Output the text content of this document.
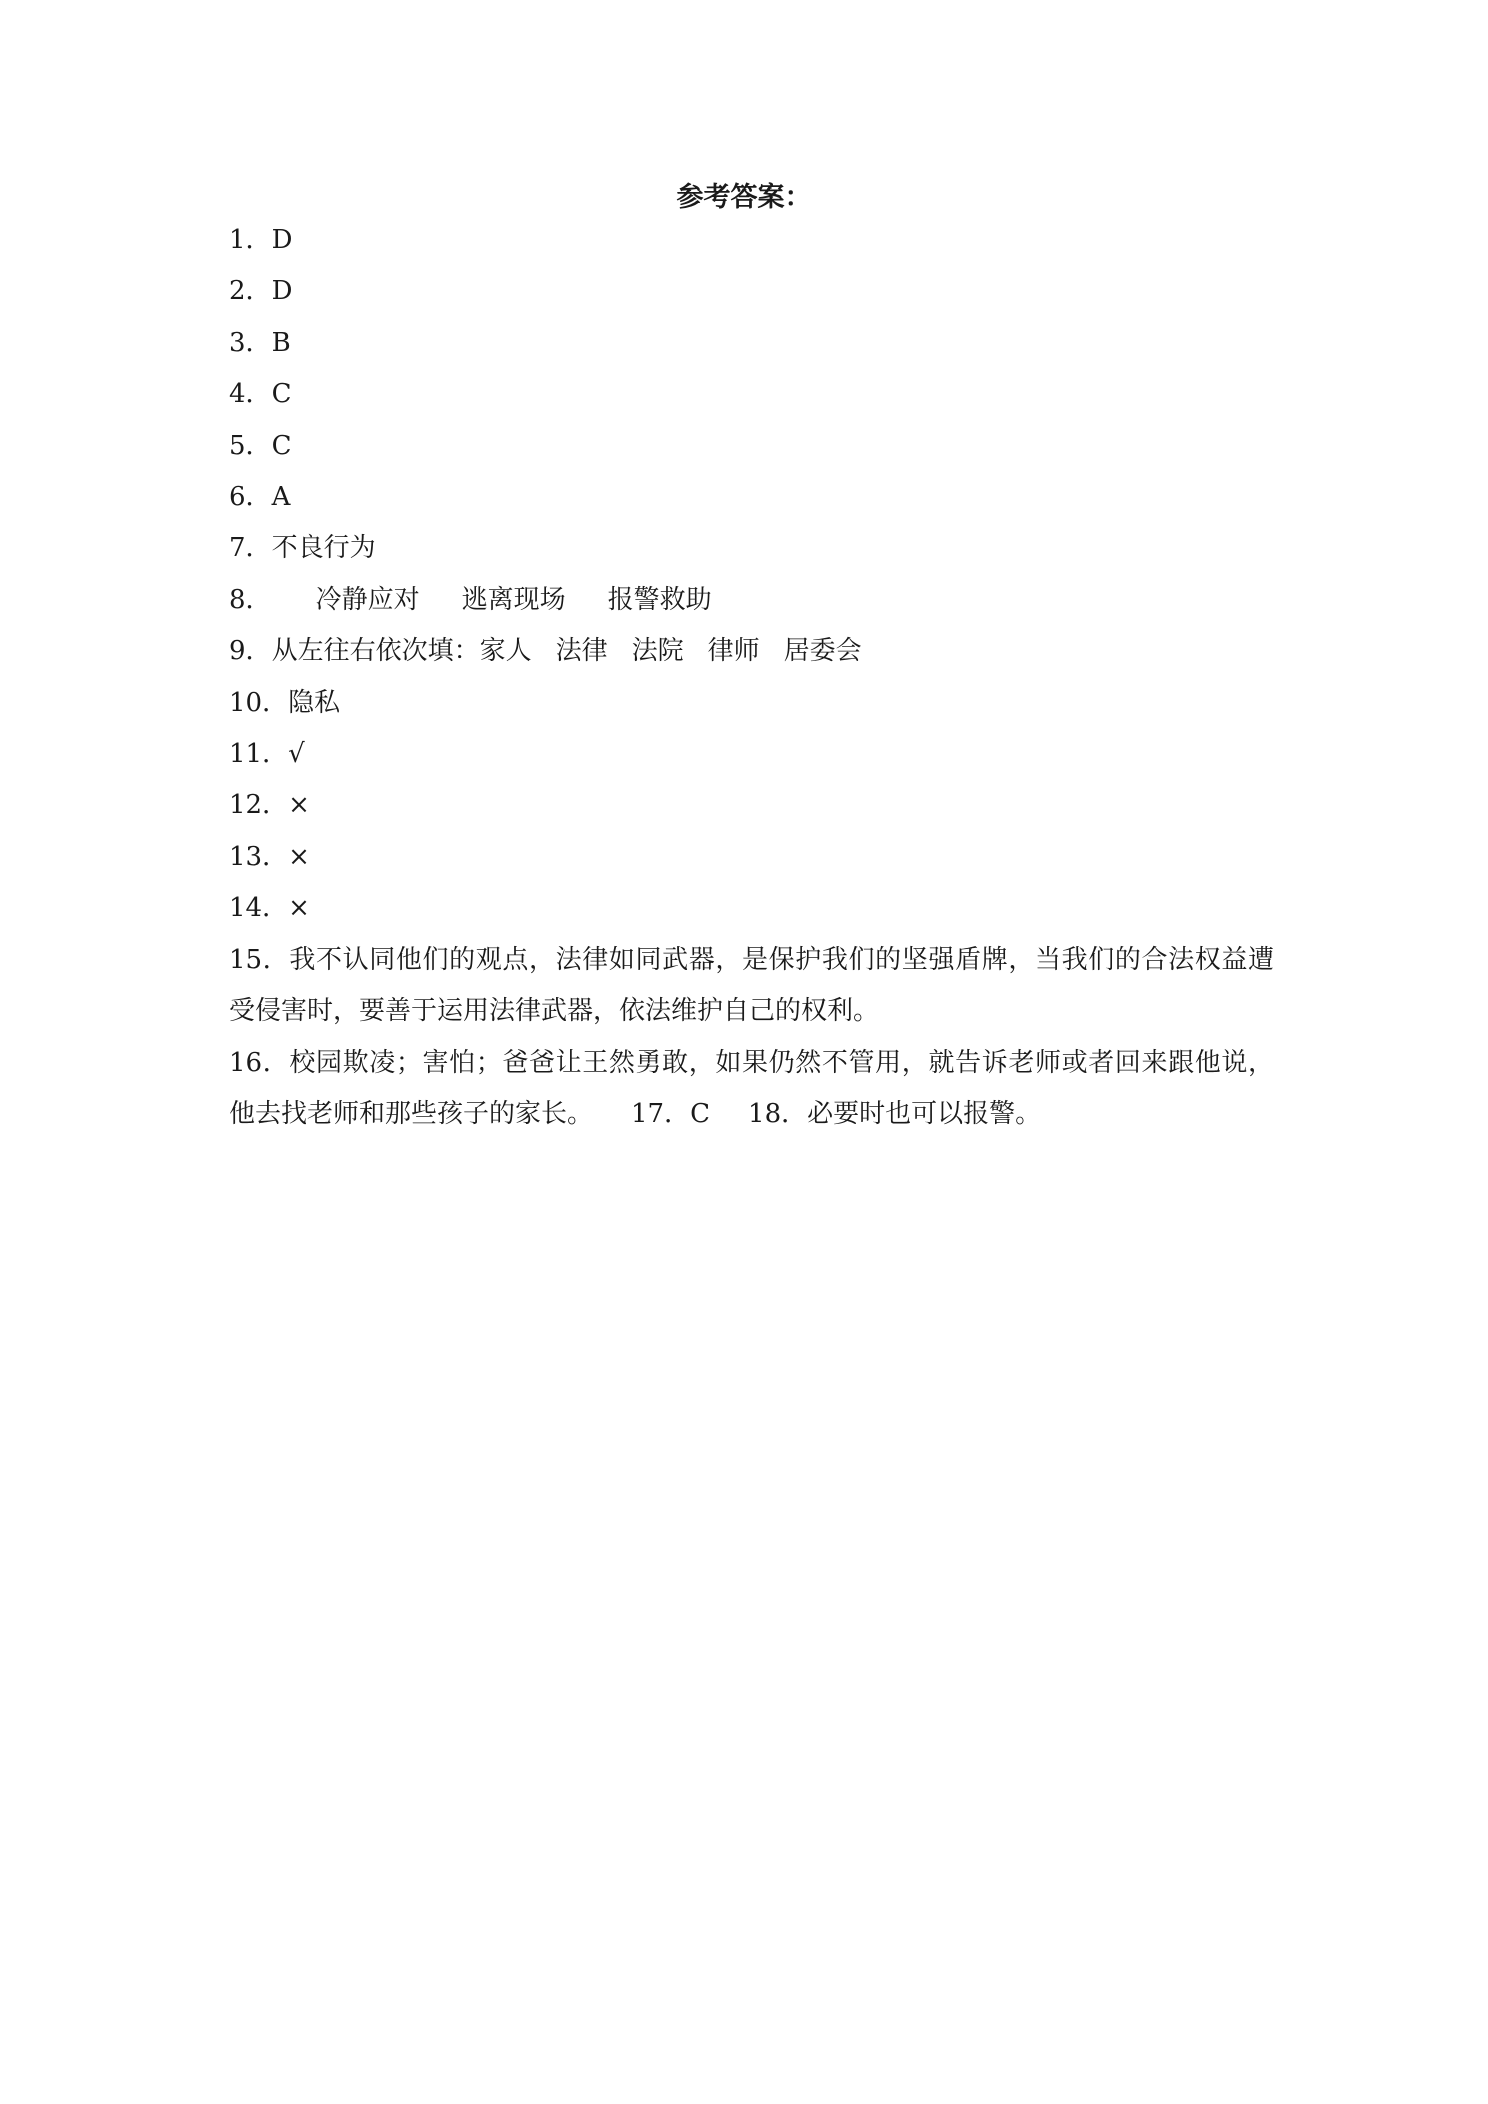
参考答案：
1．D
2．D
3．B
4．C
5．C
6．A
7．不良行为
8． 冷静应对 逃离现场 报警救助
9．从左往右依次填：家人 法律 法院 律师 居委会
10．隐私
11．√
12．×
13．×
14．×
15．我不认同他们的观点，法律如同武器，是保护我们的坚强盾牌，当我们的合法权益遭受侵害时，要善于运用法律武器，依法维护自己的权利。
16．校园欺凌；害怕；爸爸让王然勇敢，如果仍然不管用，就告诉老师或者回来跟他说，他去找老师和那些孩子的家长。 17．C 18．必要时也可以报警。
